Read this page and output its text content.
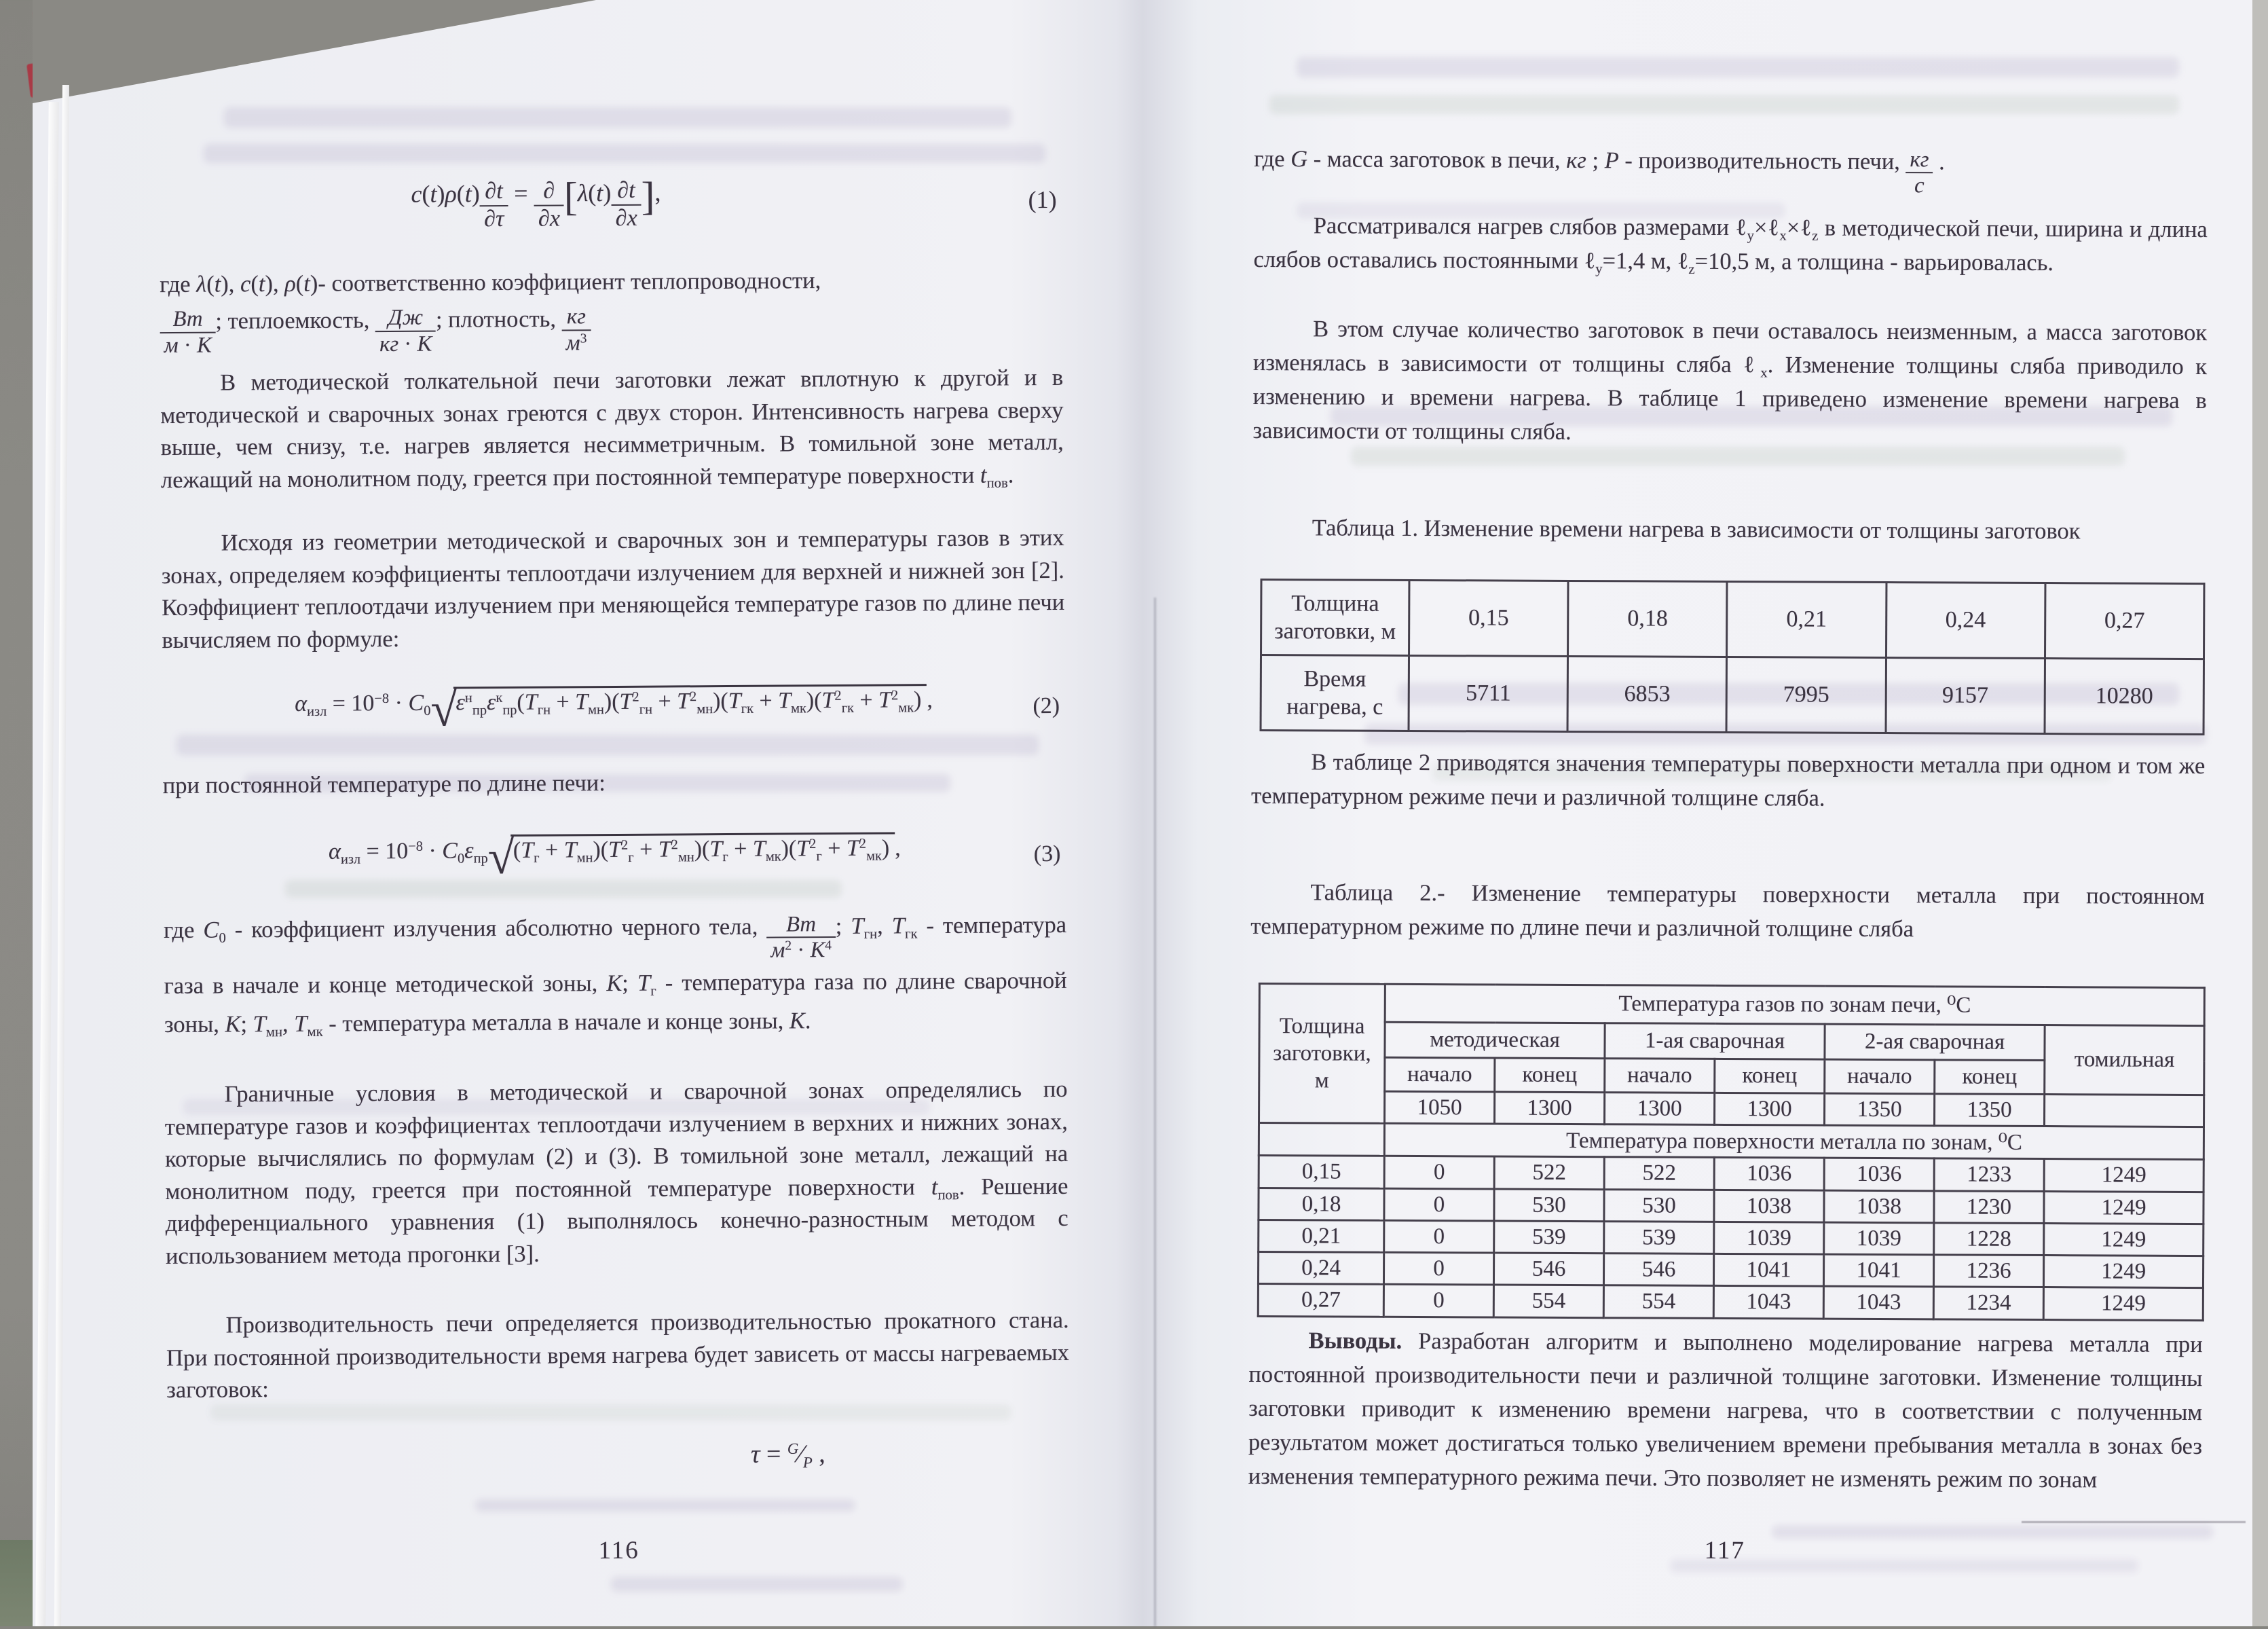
$c(t)\rho(t) \frac{\partial t}{\partial\tau}$ = ∂
∂x [$\lambda(t) \frac{\partial t}{\partial x}$ ],	(1)

где λ(t), c(t), ρ(t)- соответственно коэффициент теплопроводности,

Вт
м · К
; теплоемкость, Дж
кг · К
; плотность, кг
$м^3$

В методической толкательной печи заготовки лежат вплотную к другой и в методической и сварочных зонах греются с двух сторон. Интенсивность нагрева сверху выше, чем снизу, т.е. нагрев является несимметричным. В томильной зоне металл, лежащий на монолитном поду, греется при постоянной температуре поверхности $t_{пов}$.

Исходя из геометрии методической и сварочных зон и температуры газов в этих зонах, определяем коэффициенты теплоотдачи излучением для верхней и нижней зон [2]. Коэффициент теплоотдачи излучением при меняющейся температуре газов по длине печи вычисляем по формуле:

$\alpha_{изл} = 10^{-8} \cdot C_0√\varepsilon^н_{пр}\varepsilon^к_{пр}(T_{гн} + T_{мн})(T^2_{гн} + T^2_{мн})(T_{гк} + T_{мк})(T^2_{гк} + T^2_{мк})$ ,	(2)

при постоянной температуре по длине печи:

$\alpha_{изл} = 10^{-8} \cdot C_0\varepsilon_{пр}√(T_г + T_{мн})(T^2_г + T^2_{мн})(T_г + T_{мк})(T^2_г + T^2_{мк})$ ,	(3)

где $С_0$ - коэффициент излучения абсолютно черного тела, Вт
$м^2 \cdot К^4$
; $Т_{гн}$, $Т_{гк}$ - температура газа в начале и конце методической зоны, К; $Т_г$ - температура газа по длине сварочной зоны, К; $Т_{мн}$, $Т_{мк}$ - температура металла в начале и конце зоны, К.

Граничные условия в методической и сварочной зонах определялись по температуре газов и коэффициентах теплоотдачи излучением в верхних и нижних зонах, которые вычислялись по формулам (2) и (3). В томильной зоне металл, лежащий на монолитном поду, греется при постоянной температуре поверхности $t_{пов}$. Решение дифференциального уравнения (1) выполнялось конечно-разностным методом с использованием метода прогонки [3].

Производительность печи определяется производительностью прокатного стана. При постоянной производительности время нагрева будет зависеть от массы нагреваемых заготовок:

$\tau = ^G∕_P$ ,

116

где G - масса заготовок в печи, кг ; Р - производительность печи, кг
с
.

Рассматривался нагрев слябов размерами ℓ$_y$×ℓ$_x$×ℓ$_z$ в методической печи, ширина и длина слябов оставались постоянными ℓ$_y$=1,4 м, ℓ$_z$=10,5 м, а толщина - варьировалась.

В этом случае количество заготовок в печи оставалось неизменным, а масса заготовок изменялась в зависимости от толщины сляба ℓ$_x$. Изменение толщины сляба приводило к изменению и времени нагрева. В таблице 1 приведено изменение времени нагрева в зависимости от толщины сляба.

Таблица 1. Изменение времени нагрева в зависимости от толщины заготовок

Толщина заготовки, м	0,15	0,18	0,21	0,24	0,27
Время нагрева, с	5711	6853	7995	9157	10280

В таблице 2 приводятся значения температуры поверхности металла при одном и том же температурном режиме печи и различной толщине сляба.

Таблица 2.- Изменение температуры поверхности металла при постоянном температурном режиме по длине печи и различной толщине сляба

Толщина заготовки, м	Температура газов по зонам печи, ⁰С						
	методическая		1-ая сварочная		2-ая сварочная		томильная
	начало	конец	начало	конец	начало	конец	
	1050	1300	1300	1300	1350	1350	
	Температура поверхности металла по зонам, ⁰С						
0,15	0	522	522	1036	1036	1233	1249
0,18	0	530	530	1038	1038	1230	1249
0,21	0	539	539	1039	1039	1228	1249
0,24	0	546	546	1041	1041	1236	1249
0,27	0	554	554	1043	1043	1234	1249

Выводы. Разработан алгоритм и выполнено моделирование нагрева металла при постоянной производительности печи и различной толщине заготовки. Изменение толщины заготовки приводит к изменению времени нагрева, что в соответствии с полученным результатом может достигаться только увеличением времени пребывания металла в зонах без изменения температурного режима печи. Это позволяет не изменять режим по зонам

117
